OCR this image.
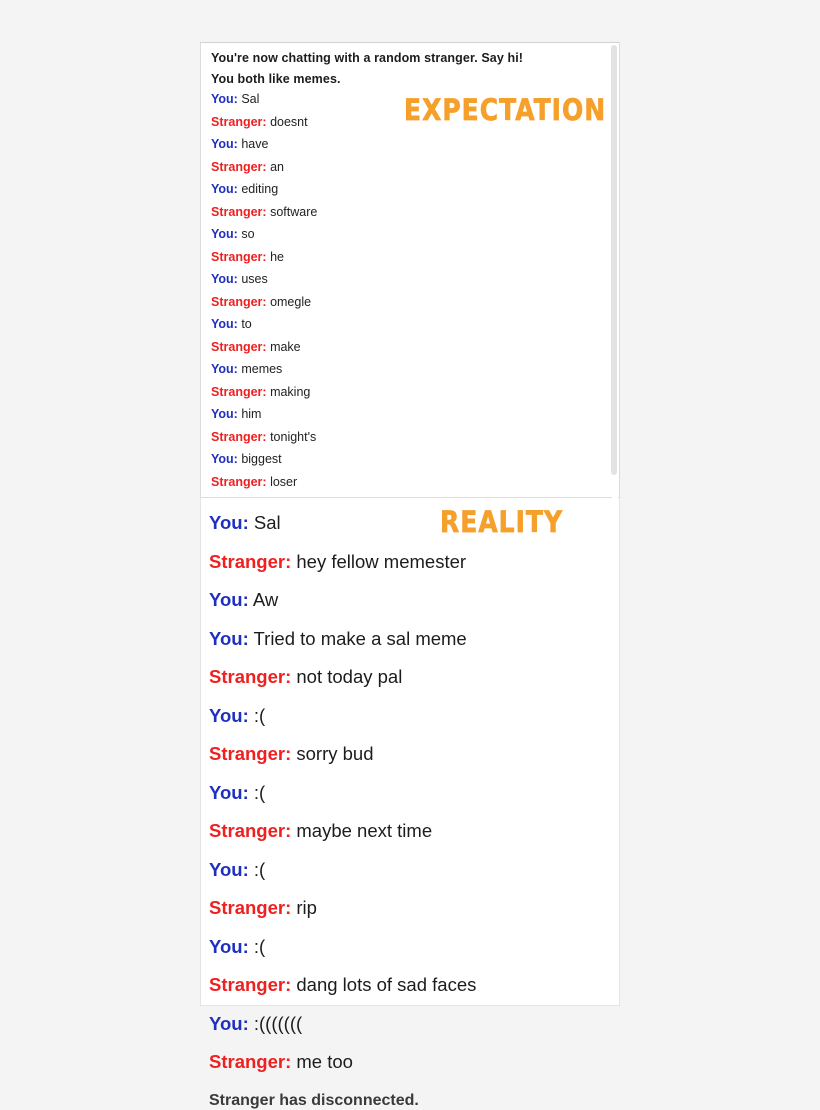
You're now chatting with a random stranger. Say hi!

You both like memes.

You: Sal

Stranger: doesnt

You: have

Stranger: an

You: editing

Stranger: software

You: so

Stranger: he

You: uses

Stranger: omegle

You: to

Stranger: make

You: memes

Stranger: making

You: him

Stranger: tonight's

You: biggest

Stranger: loser

You: Sal

Stranger: hey fellow memester

You: Aw

You: Tried to make a sal meme

Stranger: not today pal

You: :(

Stranger: sorry bud

You: :(

Stranger: maybe next time

You: :(

Stranger: rip

You: :(

Stranger: dang lots of sad faces

You: :(((((((

Stranger: me too

Stranger has disconnected.

EXPECTATION
REALITY
